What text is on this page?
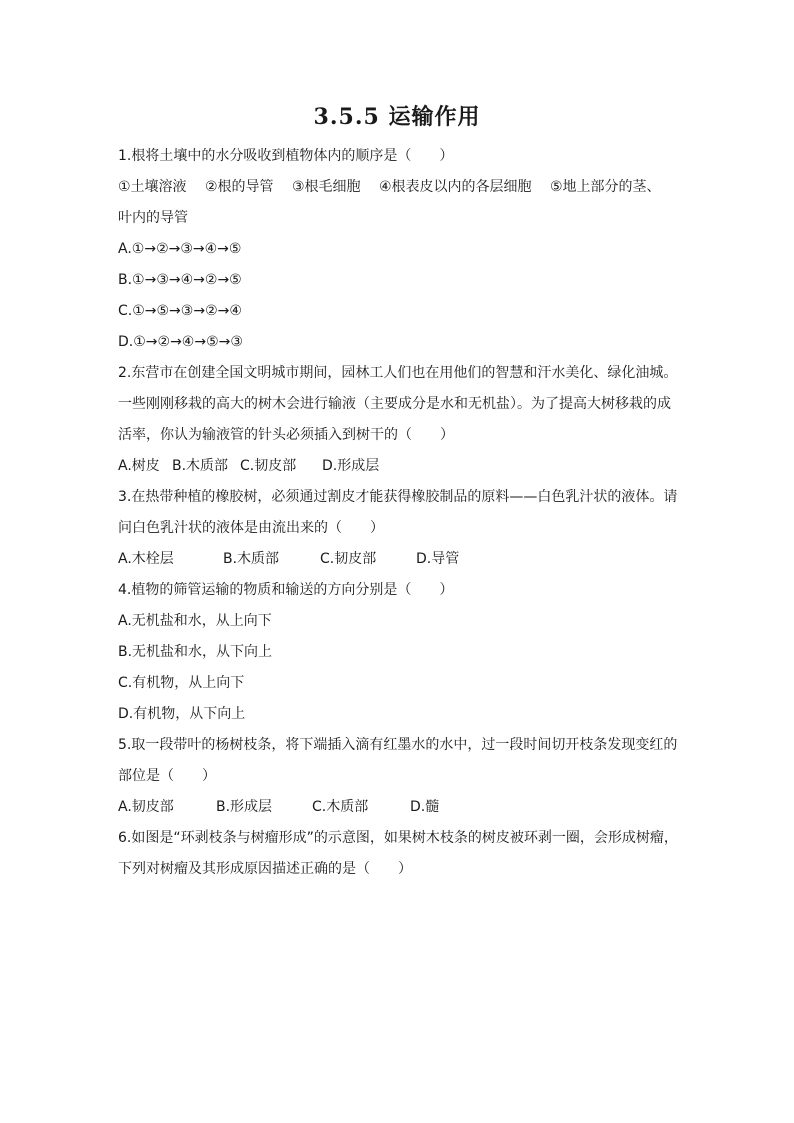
3.5.5 运输作用
1.根将土壤中的水分吸收到植物体内的顺序是（　　）
①土壤溶液　 ②根的导管　 ③根毛细胞　 ④根表皮以内的各层细胞　 ⑤地上部分的茎、
叶内的导管
A.①→②→③→④→⑤
B.①→③→④→②→⑤
C.①→⑤→③→②→④
D.①→②→④→⑤→③
2.东营市在创建全国文明城市期间，园林工人们也在用他们的智慧和汗水美化、绿化油城。
一些刚刚移栽的高大的树木会进行输液（主要成分是水和无机盐）。为了提高大树移栽的成
活率，你认为输液管的针头必须插入到树干的（　　）
A.树皮 B.木质部 C.韧皮部 D.形成层
3.在热带种植的橡胶树，必须通过割皮才能获得橡胶制品的原料——白色乳汁状的液体。请
问白色乳汁状的液体是由流出来的（　　）
A.木栓层	B.木质部	C.韧皮部	D.导管
4.植物的筛管运输的物质和输送的方向分别是（　　）
A.无机盐和水，从上向下
B.无机盐和水，从下向上
C.有机物，从上向下
D.有机物，从下向上
5.取一段带叶的杨树枝条，将下端插入滴有红墨水的水中，过一段时间切开枝条发现变红的
部位是（　　）
A.韧皮部	B.形成层	C.木质部	D.髓
6.如图是“环剥枝条与树瘤形成”的示意图，如果树木枝条的树皮被环剥一圈，会形成树瘤，
下列对树瘤及其形成原因描述正确的是（　　）
